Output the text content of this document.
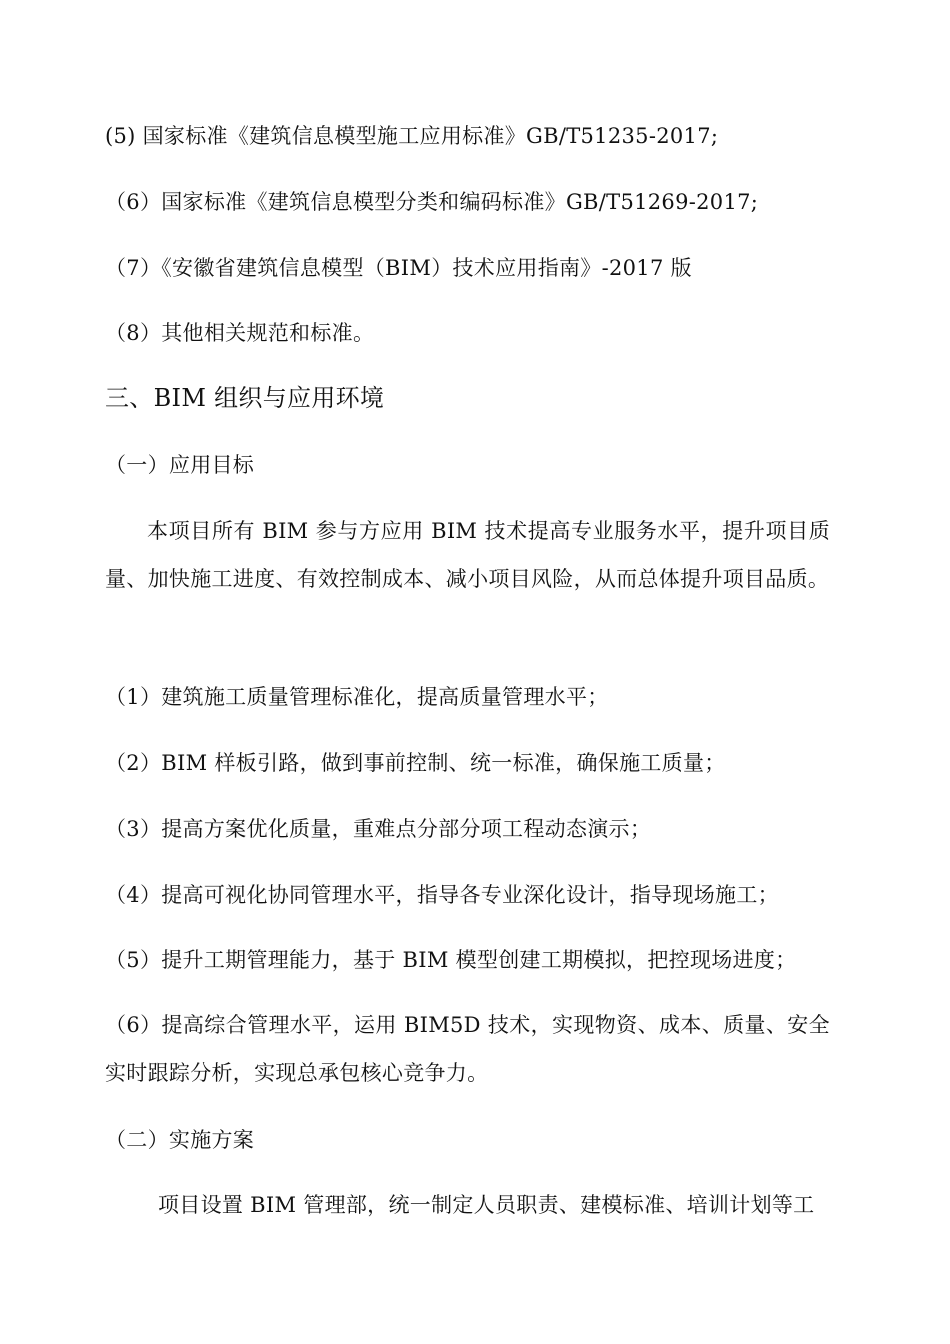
(5) 国家标准《建筑信息模型施工应用标准》GB/T51235-2017;
（6）国家标准《建筑信息模型分类和编码标准》GB/T51269-2017;
（7）《安徽省建筑信息模型（BIM）技术应用指南》-2017 版
（8）其他相关规范和标准。
三、BIM 组织与应用环境
（一）应用目标
本项目所有 BIM 参与方应用 BIM 技术提高专业服务水平，提升项目质量、加快施工进度、有效控制成本、减小项目风险，从而总体提升项目品质。
（1）建筑施工质量管理标准化，提高质量管理水平；
（2）BIM 样板引路，做到事前控制、统一标准，确保施工质量；
（3）提高方案优化质量，重难点分部分项工程动态演示；
（4）提高可视化协同管理水平，指导各专业深化设计，指导现场施工；
（5）提升工期管理能力，基于 BIM 模型创建工期模拟，把控现场进度；
（6）提高综合管理水平，运用 BIM5D 技术，实现物资、成本、质量、安全实时跟踪分析，实现总承包核心竞争力。
（二）实施方案
项目设置 BIM 管理部，统一制定人员职责、建模标准、培训计划等工
